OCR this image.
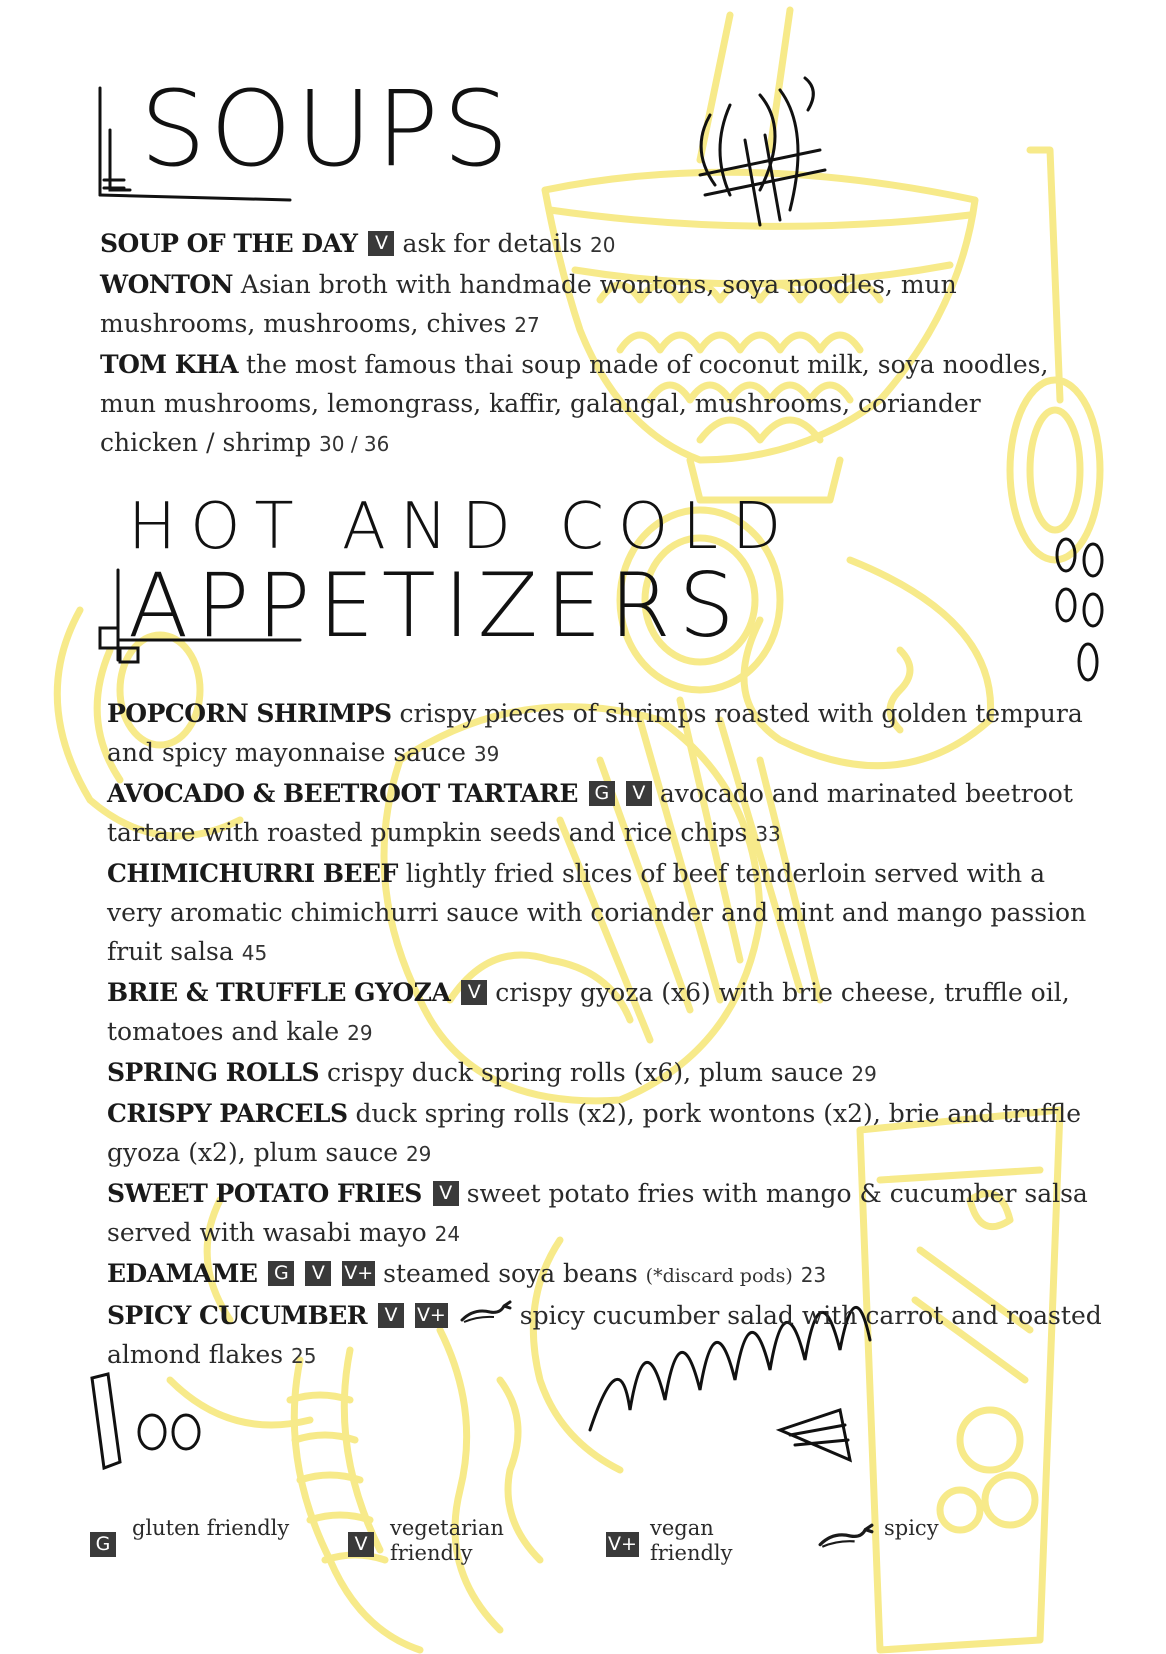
SOUPS
HOT AND COLD
APPETIZERS

SOUP OF THE DAY V ask for details 20

WONTON Asian broth with handmade wontons, soya noodles, mun mushrooms, mushrooms, chives 27

TOM KHA the most famous thai soup made of coconut milk, soya noodles, mun mushrooms, lemongrass, kaffir, galangal, mushrooms, coriander chicken / shrimp 30 / 36

POPCORN SHRIMPS crispy pieces of shrimps roasted with golden tempura and spicy mayonnaise sauce 39

AVOCADO & BEETROOT TARTARE G V avocado and marinated beetroot tartare with roasted pumpkin seeds and rice chips 33

CHIMICHURRI BEEF lightly fried slices of beef tenderloin served with a very aromatic chimichurri sauce with coriander and mint and mango passion fruit salsa 45

BRIE & TRUFFLE GYOZA V crispy gyoza (x6) with brie cheese, truffle oil, tomatoes and kale 29

SPRING ROLLS crispy duck spring rolls (x6), plum sauce 29

CRISPY PARCELS duck spring rolls (x2), pork wontons (x2), brie and truffle gyoza (x2), plum sauce 29

SWEET POTATO FRIES V sweet potato fries with mango & cucumber salsa served with wasabi mayo 24

EDAMAME G V V+ steamed soya beans (*discard pods) 23

SPICY CUCUMBER V V+	spicy cucumber salad with carrot and roasted almond flakes 25

G
gluten friendly
V
vegetarian friendly	V+
vegan friendly
spicy
